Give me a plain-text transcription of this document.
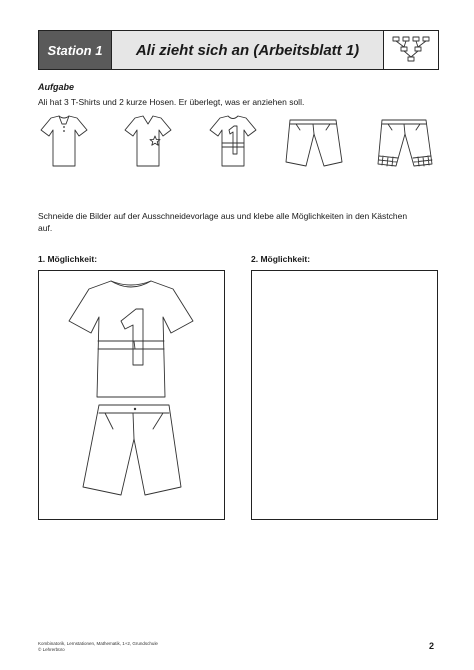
Station 1	Ali zieht sich an (Arbeitsblatt 1)
Aufgabe
Ali hat 3 T-Shirts und 2 kurze Hosen. Er überlegt, was er anziehen soll.
Schneide die Bilder auf der Ausschneidevorlage aus und klebe alle Möglichkeiten in den Kästchen auf.
1. Möglichkeit:	2. Möglichkeit:
Kombinatorik, Lernstationen, Mathematik, 1+2, Grundschule
© Lehrerbüro	2
